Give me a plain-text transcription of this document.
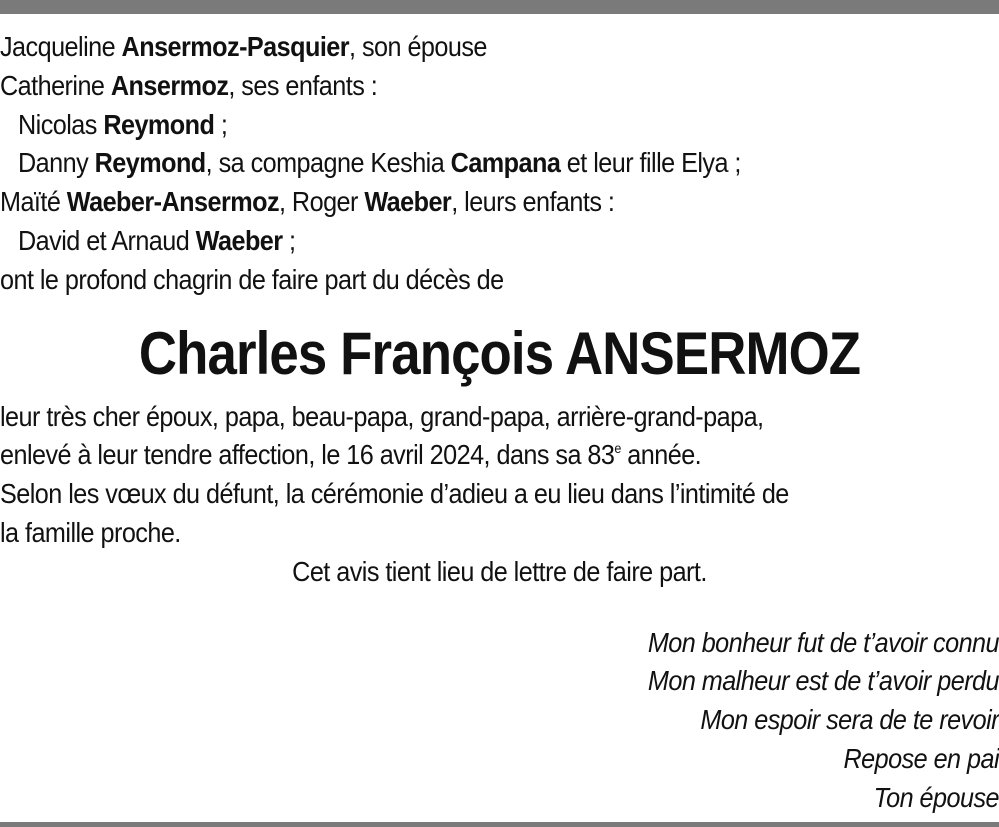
Jacqueline Ansermoz-Pasquier, son épouse
Catherine Ansermoz, ses enfants :
Nicolas Reymond ;
Danny Reymond, sa compagne Keshia Campana et leur fille Elya ;
Maïté Waeber-Ansermoz, Roger Waeber, leurs enfants :
David et Arnaud Waeber ;
ont le profond chagrin de faire part du décès de
Charles François ANSERMOZ
leur très cher époux, papa, beau-papa, grand-papa, arrière-grand-papa,
enlevé à leur tendre affection, le 16 avril 2024, dans sa 83e année.
Selon les vœux du défunt, la cérémonie d’adieu a eu lieu dans l’intimité de
la famille proche.
Cet avis tient lieu de lettre de faire part.
Mon bonheur fut de t’avoir connu
Mon malheur est de t’avoir perdu
Mon espoir sera de te revoir
Repose en pai
Ton épouse
